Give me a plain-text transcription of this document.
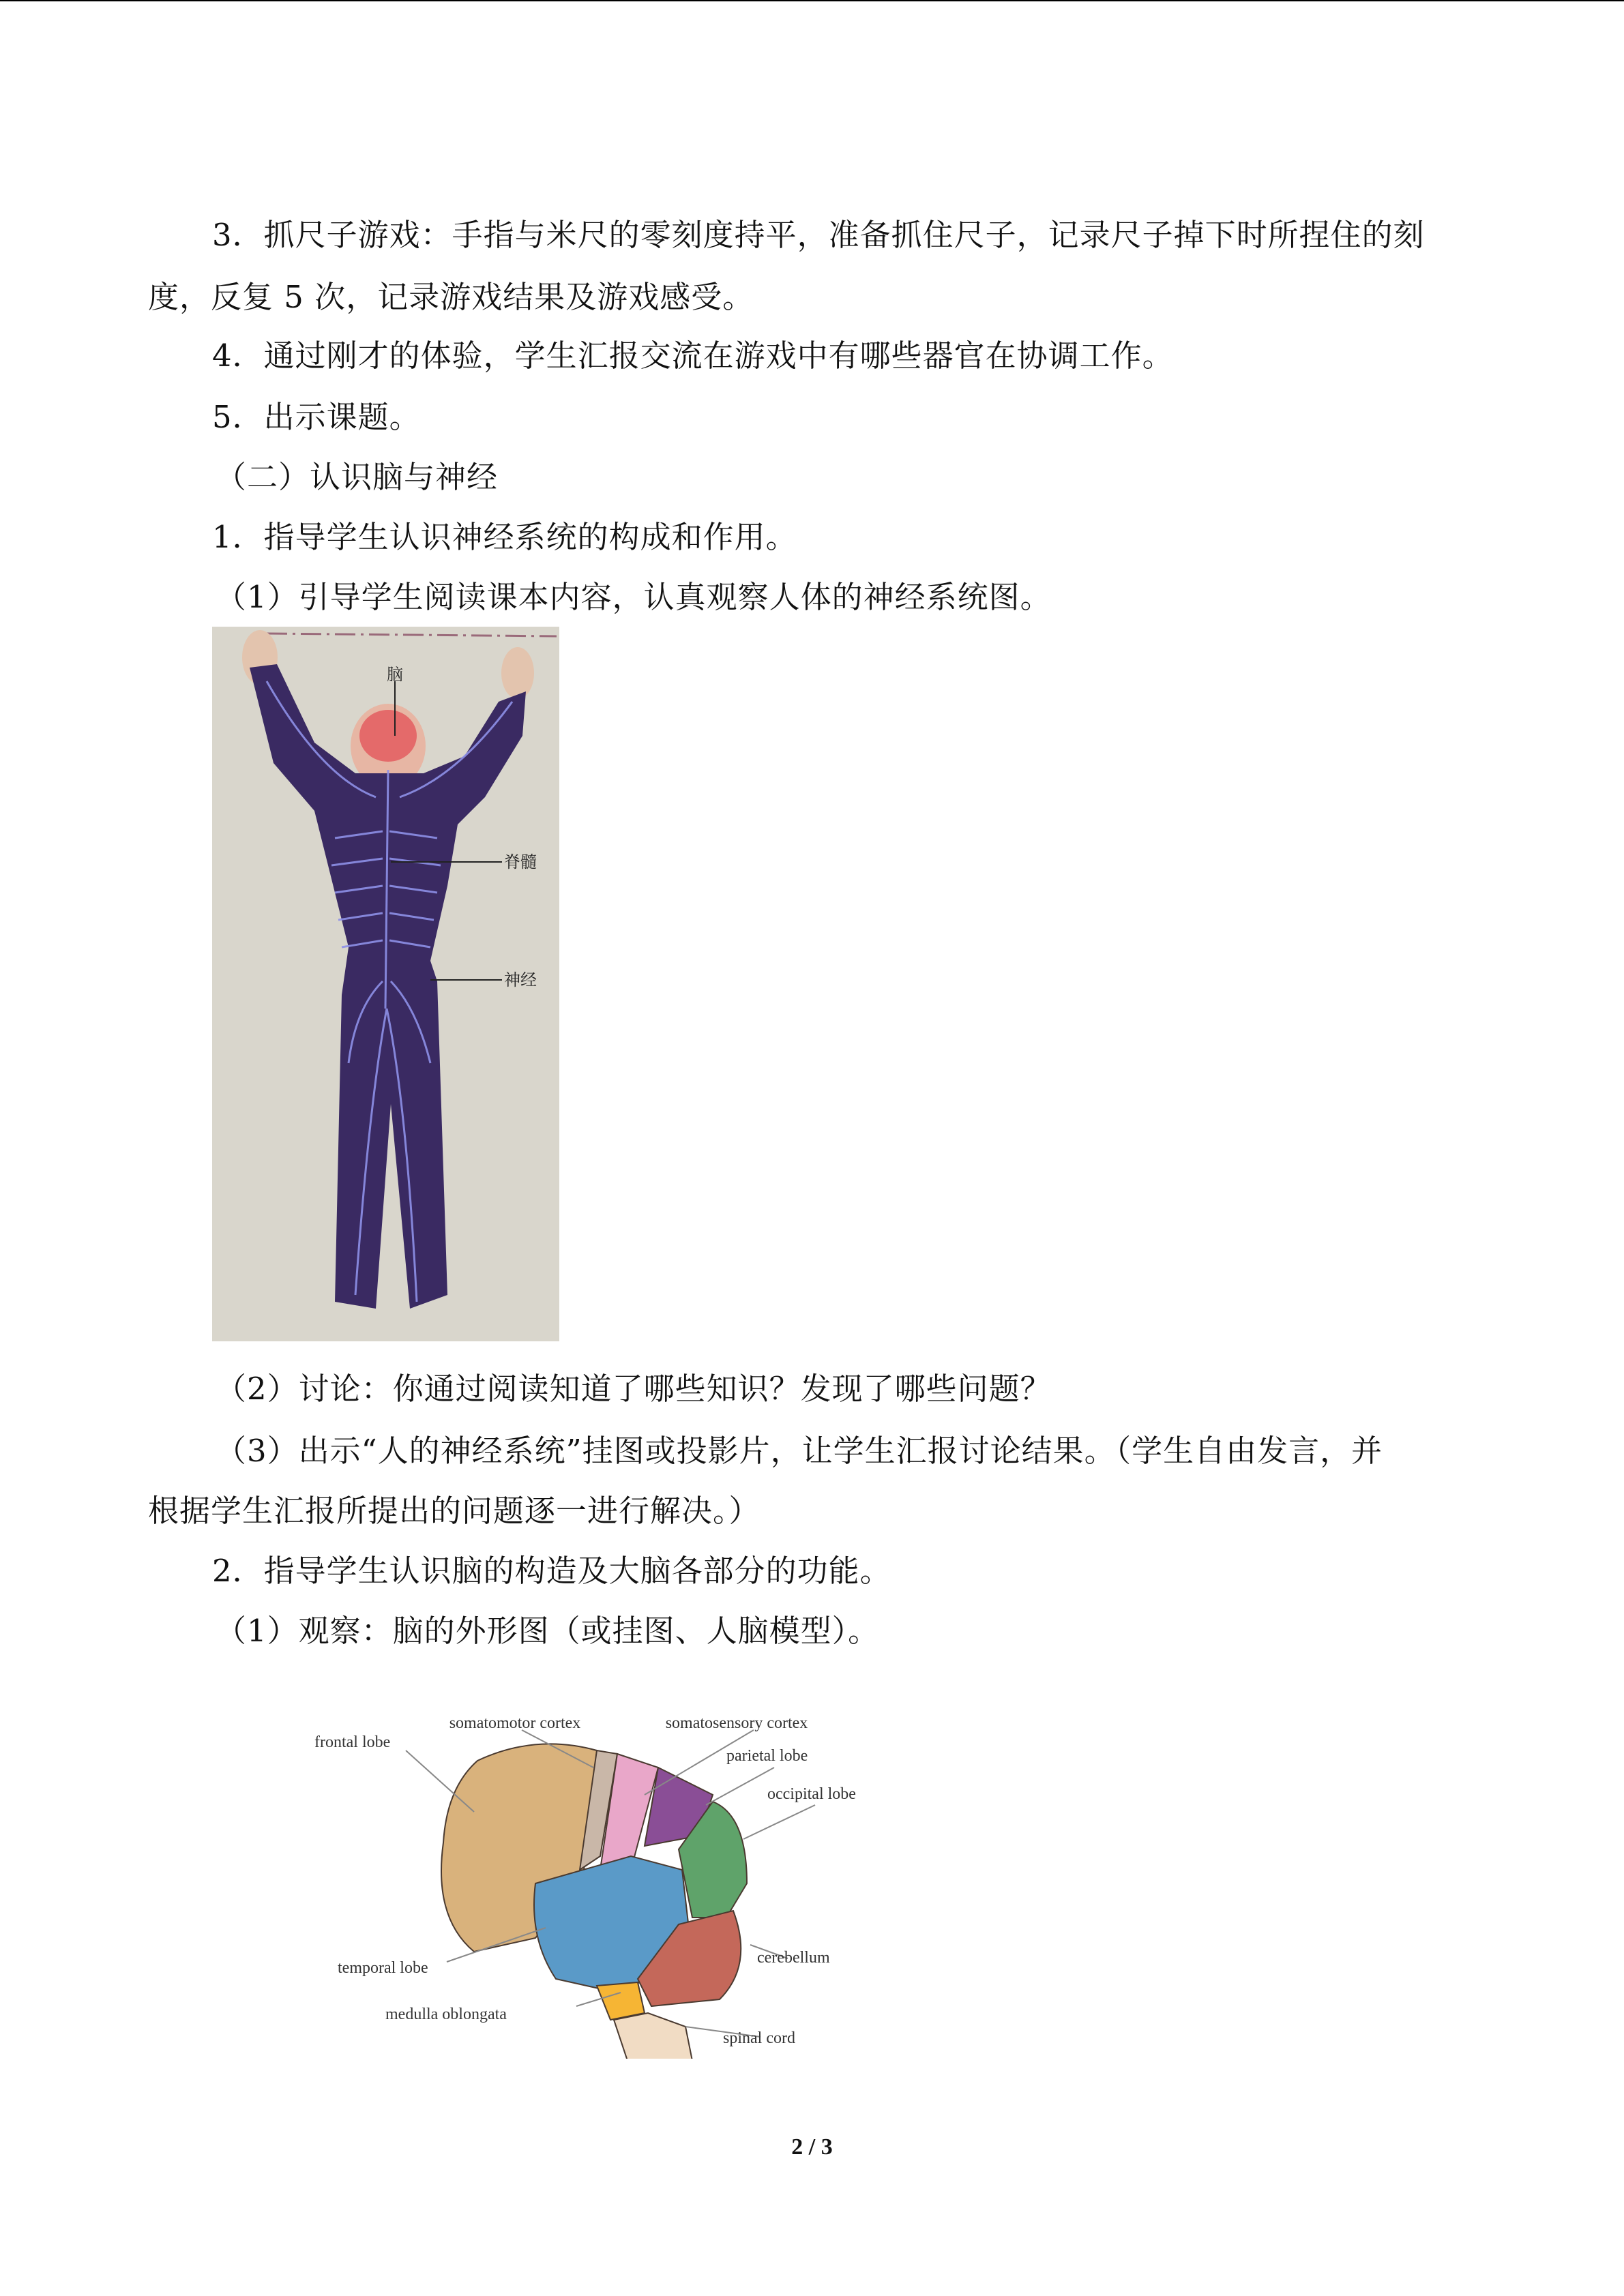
3．抓尺子游戏：手指与米尺的零刻度持平，准备抓住尺子，记录尺子掉下时所捏住的刻
度，反复 5 次，记录游戏结果及游戏感受。
4．通过刚才的体验，学生汇报交流在游戏中有哪些器官在协调工作。
5．出示课题。
（二）认识脑与神经
1．指导学生认识神经系统的构成和作用。
（1）引导学生阅读课本内容，认真观察人体的神经系统图。
脑
脊髓
神经
（2）讨论：你通过阅读知道了哪些知识？发现了哪些问题？
（3）出示“人的神经系统”挂图或投影片，让学生汇报讨论结果。（学生自由发言，并
根据学生汇报所提出的问题逐一进行解决。）
2．指导学生认识脑的构造及大脑各部分的功能。
（1）观察：脑的外形图（或挂图、人脑模型）。
frontal lobe
somatomotor cortex	somatosensory cortex
parietal lobe
occipital lobe
temporal lobe
cerebellum
medulla oblongata
spinal cord
2 / 3
